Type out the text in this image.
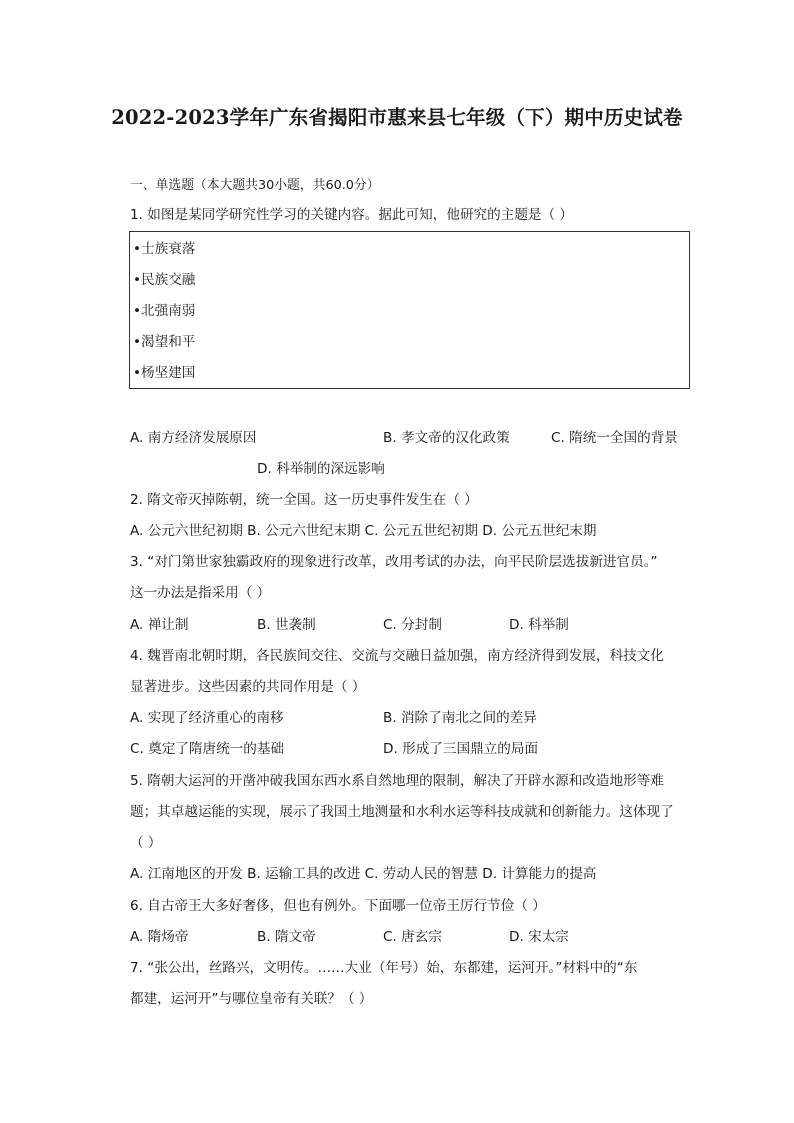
2022-2023学年广东省揭阳市惠来县七年级（下）期中历史试卷
一、单选题（本大题共30小题，共60.0分）
1. 如图是某同学研究性学习的关键内容。据此可知，他研究的主题是（ ）
•士族衰落
•民族交融
•北强南弱
•渴望和平
•杨坚建国
A. 南方经济发展原因	B. 孝文帝的汉化政策	C. 隋统一全国的背景
D. 科举制的深远影响
2. 隋文帝灭掉陈朝，统一全国。这一历史事件发生在（ ）
A. 公元六世纪初期 B. 公元六世纪末期 C. 公元五世纪初期 D. 公元五世纪末期
3. “对门第世家独霸政府的现象进行改革，改用考试的办法，向平民阶层选拔新进官员。”
这一办法是指采用（ ）
A. 禅让制	B. 世袭制	C. 分封制	D. 科举制
4. 魏晋南北朝时期，各民族间交往、交流与交融日益加强，南方经济得到发展，科技文化
显著进步。这些因素的共同作用是（ ）
A. 实现了经济重心的南移	B. 消除了南北之间的差异
C. 奠定了隋唐统一的基础	D. 形成了三国鼎立的局面
5. 隋朝大运河的开凿冲破我国东西水系自然地理的限制，解决了开辟水源和改造地形等难
题；其卓越运能的实现，展示了我国土地测量和水利水运等科技成就和创新能力。这体现了
（ ）
A. 江南地区的开发 B. 运输工具的改进 C. 劳动人民的智慧 D. 计算能力的提高
6. 自古帝王大多好奢侈，但也有例外。下面哪一位帝王厉行节俭（ ）
A. 隋炀帝	B. 隋文帝	C. 唐玄宗	D. 宋太宗
7. “张公出，丝路兴，文明传。……大业（年号）始，东都建，运河开。”材料中的“东
都建，运河开”与哪位皇帝有关联？（ ）
